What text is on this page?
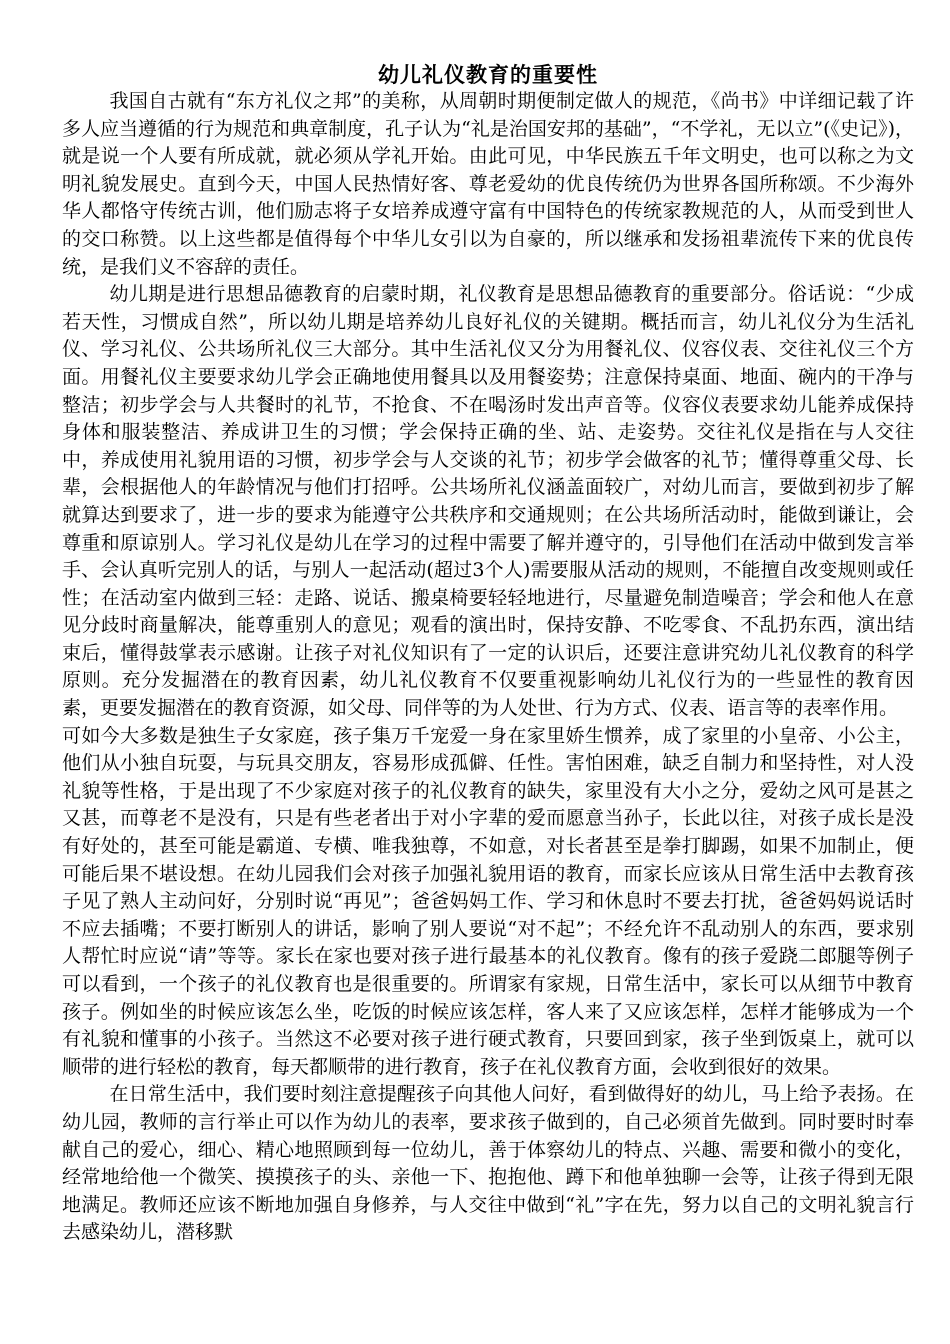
幼儿礼仪教育的重要性

我国自古就有“东方礼仪之邦”的美称，从周朝时期便制定做人的规范，《尚书》中详细记载了许多人应当遵循的行为规范和典章制度，孔子认为“礼是治国安邦的基础”，“不学礼，无以立”(《史记》)，就是说一个人要有所成就，就必须从学礼开始。由此可见，中华民族五千年文明史，也可以称之为文明礼貌发展史。直到今天，中国人民热情好客、尊老爱幼的优良传统仍为世界各国所称颂。不少海外华人都恪守传统古训，他们励志将子女培养成遵守富有中国特色的传统家教规范的人，从而受到世人的交口称赞。以上这些都是值得每个中华儿女引以为自豪的，所以继承和发扬祖辈流传下来的优良传统，是我们义不容辞的责任。

幼儿期是进行思想品德教育的启蒙时期，礼仪教育是思想品德教育的重要部分。俗话说：“少成若天性，习惯成自然”，所以幼儿期是培养幼儿良好礼仪的关键期。概括而言，幼儿礼仪分为生活礼仪、学习礼仪、公共场所礼仪三大部分。其中生活礼仪又分为用餐礼仪、仪容仪表、交往礼仪三个方面。用餐礼仪主要要求幼儿学会正确地使用餐具以及用餐姿势；注意保持桌面、地面、碗内的干净与整洁；初步学会与人共餐时的礼节，不抢食、不在喝汤时发出声音等。仪容仪表要求幼儿能养成保持身体和服装整洁、养成讲卫生的习惯；学会保持正确的坐、站、走姿势。交往礼仪是指在与人交往中，养成使用礼貌用语的习惯，初步学会与人交谈的礼节；初步学会做客的礼节；懂得尊重父母、长辈，会根据他人的年龄情况与他们打招呼。公共场所礼仪涵盖面较广，对幼儿而言，要做到初步了解就算达到要求了，进一步的要求为能遵守公共秩序和交通规则；在公共场所活动时，能做到谦让，会尊重和原谅别人。学习礼仪是幼儿在学习的过程中需要了解并遵守的，引导他们在活动中做到发言举手、会认真听完别人的话，与别人一起活动(超过3个人)需要服从活动的规则，不能擅自改变规则或任性；在活动室内做到三轻：走路、说话、搬桌椅要轻轻地进行，尽量避免制造噪音；学会和他人在意见分歧时商量解决，能尊重别人的意见；观看的演出时，保持安静、不吃零食、不乱扔东西，演出结束后，懂得鼓掌表示感谢。让孩子对礼仪知识有了一定的认识后，还要注意讲究幼儿礼仪教育的科学原则。充分发掘潜在的教育因素，幼儿礼仪教育不仅要重视影响幼儿礼仪行为的一些显性的教育因素，更要发掘潜在的教育资源，如父母、同伴等的为人处世、行为方式、仪表、语言等的表率作用。

可如今大多数是独生子女家庭，孩子集万千宠爱一身在家里娇生惯养，成了家里的小皇帝、小公主，他们从小独自玩耍，与玩具交朋友，容易形成孤僻、任性。害怕困难，缺乏自制力和坚持性，对人没礼貌等性格，于是出现了不少家庭对孩子的礼仪教育的缺失，家里没有大小之分，爱幼之风可是甚之又甚，而尊老不是没有，只是有些老者出于对小字辈的爱而愿意当孙子，长此以往，对孩子成长是没有好处的，甚至可能是霸道、专横、唯我独尊，不如意，对长者甚至是拳打脚踢，如果不加制止，便可能后果不堪设想。在幼儿园我们会对孩子加强礼貌用语的教育，而家长应该从日常生活中去教育孩子见了熟人主动问好，分别时说“再见”；爸爸妈妈工作、学习和休息时不要去打扰，爸爸妈妈说话时不应去插嘴；不要打断别人的讲话，影响了别人要说“对不起”；不经允许不乱动别人的东西，要求别人帮忙时应说“请”等等。家长在家也要对孩子进行最基本的礼仪教育。像有的孩子爱跷二郎腿等例子可以看到，一个孩子的礼仪教育也是很重要的。所谓家有家规，日常生活中，家长可以从细节中教育孩子。例如坐的时候应该怎么坐，吃饭的时候应该怎样，客人来了又应该怎样，怎样才能够成为一个有礼貌和懂事的小孩子。当然这不必要对孩子进行硬式教育，只要回到家，孩子坐到饭桌上，就可以顺带的进行轻松的教育，每天都顺带的进行教育，孩子在礼仪教育方面，会收到很好的效果。

在日常生活中，我们要时刻注意提醒孩子向其他人问好，看到做得好的幼儿，马上给予表扬。在幼儿园，教师的言行举止可以作为幼儿的表率，要求孩子做到的，自己必须首先做到。同时要时时奉献自己的爱心，细心、精心地照顾到每一位幼儿，善于体察幼儿的特点、兴趣、需要和微小的变化，经常地给他一个微笑、摸摸孩子的头、亲他一下、抱抱他、蹲下和他单独聊一会等，让孩子得到无限地满足。教师还应该不断地加强自身修养，与人交往中做到“礼”字在先，努力以自己的文明礼貌言行去感染幼儿，潜移默
